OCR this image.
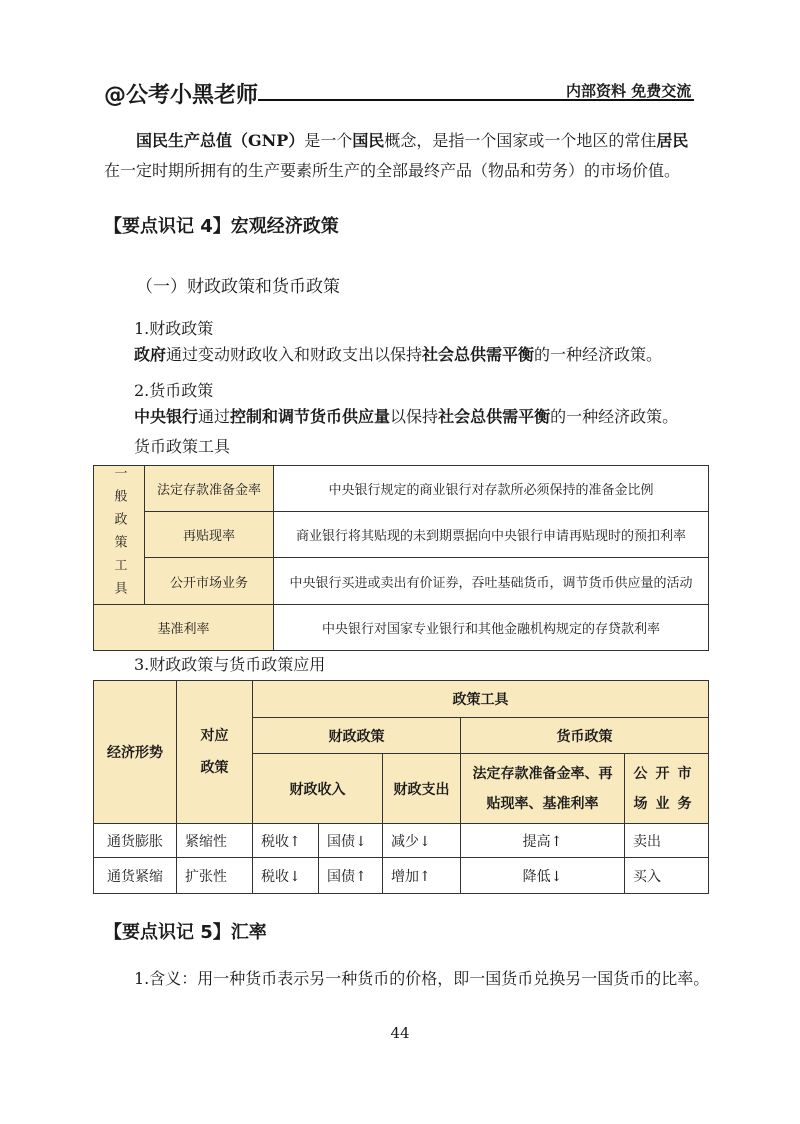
@公考小黑老师	内部资料 免费交流
国民生产总值（GNP）是一个国民概念，是指一个国家或一个地区的常住居民在一定时期所拥有的生产要素所生产的全部最终产品（物品和劳务）的市场价值。
【要点识记 4】宏观经济政策
（一）财政政策和货币政策
1.财政政策
政府通过变动财政收入和财政支出以保持社会总供需平衡的一种经济政策。
2.货币政策
中央银行通过控制和调节货币供应量以保持社会总供需平衡的一种经济政策。
货币政策工具
一般政策工具	法定存款准备金率	中央银行规定的商业银行对存款所必须保持的准备金比例
	再贴现率	商业银行将其贴现的未到期票据向中央银行申请再贴现时的预扣利率
	公开市场业务	中央银行买进或卖出有价证券，吞吐基础货币，调节货币供应量的活动
基准利率		中央银行对国家专业银行和其他金融机构规定的存贷款利率
3.财政政策与货币政策应用
经济形势	对应政策	政策工具				
		财政政策			货币政策	
		财政收入		财政支出	法定存款准备金率、再贴现率、基准利率	公开市场业务
通货膨胀	紧缩性	税收↑	国债↓	减少↓	提高↑	卖出
通货紧缩	扩张性	税收↓	国债↑	增加↑	降低↓	买入
【要点识记 5】汇率
1.含义：用一种货币表示另一种货币的价格，即一国货币兑换另一国货币的比率。
44
